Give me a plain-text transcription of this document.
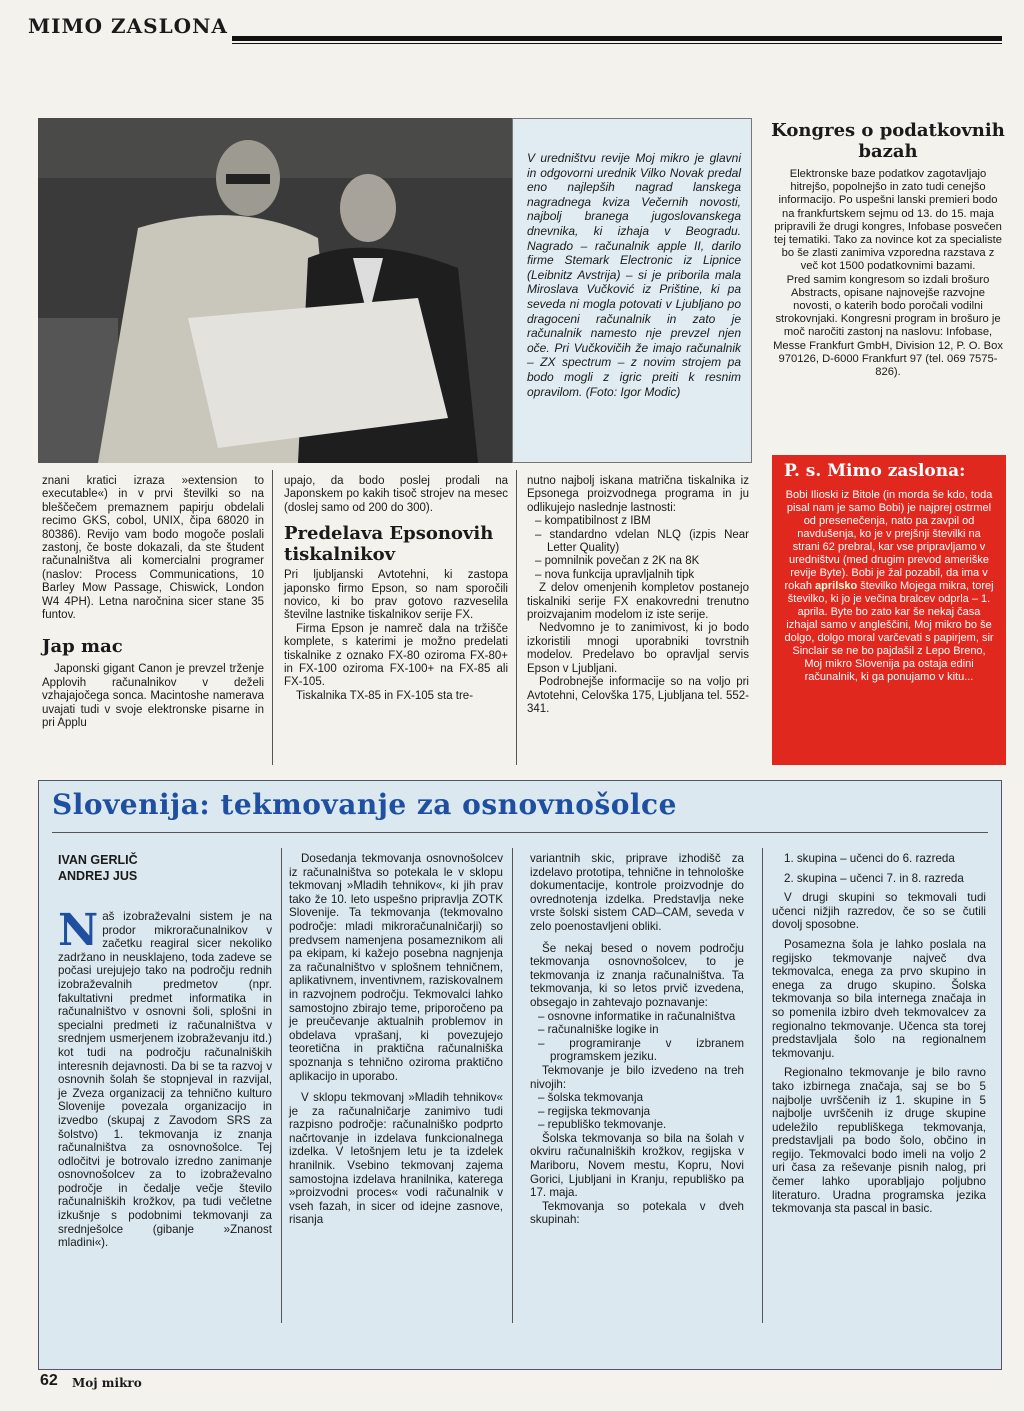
MIMO ZASLONA
V uredništvu revije Moj mikro je glavni in odgovorni urednik Vilko Novak predal eno najlepših nagrad lanskega nagradnega kviza Večernih novosti, najbolj branega jugoslovanskega dnevnika, ki izhaja v Beogradu. Nagrado – računalnik apple II, darilo firme Stemark Electronic iz Lipnice (Leibnitz Avstrija) – si je priborila mala Miroslava Vučković iz Prištine, ki pa seveda ni mogla potovati v Ljubljano po dragoceni računalnik in zato je računalnik namesto nje prevzel njen oče. Pri Vučkovičih že imajo računalnik – ZX spectrum – z novim strojem pa bodo mogli z igric preiti k resnim opravilom. (Foto: Igor Modic)
Kongres o podatkovnih bazah

Elektronske baze podatkov zagotavljajo hitrejšo, popolnejšo in zato tudi cenejšo informacijo. Po uspešni lanski premieri bodo na frankfurtskem sejmu od 13. do 15. maja pripravili že drugi kongres, Infobase posvečen tej tematiki. Tako za novince kot za specialiste bo še zlasti zanimiva vzporedna razstava z več kot 1500 podatkovnimi bazami.

Pred samim kongresom so izdali brošuro Abstracts, opisane najnovejše razvojne novosti, o katerih bodo poročali vodilni strokovnjaki. Kongresni program in brošuro je moč naročiti zastonj na naslovu: Infobase, Messe Frankfurt GmbH, Division 12, P. O. Box 970126, D-6000 Frankfurt 97 (tel. 069 7575-826).

znani kratici izraza »extension to executable«) in v prvi številki so na bleščečem premaznem papirju obdelali recimo GKS, cobol, UNIX, čipa 68020 in 80386). Revijo vam bodo mogoče poslali zastonj, če boste dokazali, da ste študent računalništva ali komercialni programer (naslov: Process Communications, 10 Barley Mow Passage, Chiswick, London W4 4PH). Letna naročnina sicer stane 35 funtov.

Jap mac

Japonski gigant Canon je prevzel trženje Applovih računalnikov v deželi vzhajajočega sonca. Macintoshe namerava uvajati tudi v svoje elektronske pisarne in pri Applu

upajo, da bodo poslej prodali na Japonskem po kakih tisoč strojev na mesec (doslej samo od 200 do 300).

Predelava Epsonovih tiskalnikov

Pri ljubljanski Avtotehni, ki zastopa japonsko firmo Epson, so nam sporočili novico, ki bo prav gotovo razveselila številne lastnike tiskalnikov serije FX.

Firma Epson je namreč dala na tržišče komplete, s katerimi je možno predelati tiskalnike z oznako FX-80 oziroma FX-80+ in FX-100 oziroma FX-100+ na FX-85 ali FX-105.

Tiskalnika TX-85 in FX-105 sta tre-

nutno najbolj iskana matrična tiskalnika iz Epsonega proizvodnega programa in ju odlikujejo naslednje lastnosti:

– kompatibilnost z IBM

– standardno vdelan NLQ (izpis Near Letter Quality)

– pomnilnik povečan z 2K na 8K

– nova funkcija upravljalnih tipk

Z delov omenjenih kompletov postanejo tiskalniki serije FX enakovredni trenutno proizvajanim modelom iz iste serije.

Nedvomno je to zanimivost, ki jo bodo izkoristili mnogi uporabniki tovrstnih modelov. Predelavo bo opravljal servis Epson v Ljubljani.

Podrobnejše informacije so na voljo pri Avtotehni, Celovška 175, Ljubljana tel. 552-341.

P. s. Mimo zaslona:
Bobi Ilioski iz Bitole (in morda še kdo, toda pisal nam je samo Bobi) je najprej ostrmel od presenečenja, nato pa zavpil od navdušenja, ko je v prejšnji številki na strani 62 prebral, kar vse pripravljamo v uredništvu (med drugim prevod ameriške revije Byte). Bobi je žal pozabil, da ima v rokah aprilsko številko Mojega mikra, torej številko, ki jo je večina bralcev odprla – 1. aprila. Byte bo zato kar še nekaj časa izhajal samo v angleščini, Moj mikro bo še dolgo, dolgo moral varčevati s papirjem, sir Sinclair se ne bo pajdašil z Lepo Breno, Moj mikro Slovenija pa ostaja edini računalnik, ki ga ponujamo v kitu...
Slovenija: tekmovanje za osnovnošolce
IVAN GERLIČ
ANDREJ JUS
N aš izobraževalni sistem je na prodor mikroračunalnikov v začetku reagiral sicer nekoliko zadržano in neusklajeno, toda zadeve se počasi urejujejo tako na področju rednih izobraževalnih predmetov (npr. fakultativni predmet informatika in računalništvo v osnovni šoli, splošni in specialni predmeti iz računalništva v srednjem usmerjenem izobraževanju itd.) kot tudi na področju računalniških interesnih dejavnosti. Da bi se ta razvoj v osnovnih šolah še stopnjeval in razvijal, je Zveza organizacij za tehnično kulturo Slovenije povezala organizacijo in izvedbo (skupaj z Zavodom SRS za šolstvo) 1. tekmovanja iz znanja računalništva za osnovnošolce. Tej odločitvi je botrovalo izredno zanimanje osnovnošolcev za to izobraževalno področje in čedalje večje število računalniških krožkov, pa tudi večletne izkušnje s podobnimi tekmovanji za srednješolce (gibanje »Znanost mladini«).

Dosedanja tekmovanja osnovnošolcev iz računalništva so potekala le v sklopu tekmovanj »Mladih tehnikov«, ki jih prav tako že 10. leto uspešno pripravlja ZOTK Slovenije. Ta tekmovanja (tekmovalno področje: mladi mikroračunalničarji) so predvsem namenjena posameznikom ali pa ekipam, ki kažejo posebna nagnjenja za računalništvo v splošnem tehničnem, aplikativnem, inventivnem, raziskovalnem in razvojnem področju. Tekmovalci lahko samostojno zbirajo teme, priporočeno pa je preučevanje aktualnih problemov in obdelava vprašanj, ki povezujejo teoretična in praktična računalniška spoznanja s tehnično oziroma praktično aplikacijo in uporabo.

V sklopu tekmovanj »Mladih tehnikov« je za računalničarje zanimivo tudi razpisno področje: računalniško podprto načrtovanje in izdelava funkcionalnega izdelka. V letošnjem letu je ta izdelek hranilnik. Vsebino tekmovanj zajema samostojna izdelava hranilnika, katerega »proizvodni proces« vodi računalnik v vseh fazah, in sicer od idejne zasnove, risanja

variantnih skic, priprave izhodišč za izdelavo prototipa, tehnične in tehnološke dokumentacije, kontrole proizvodnje do ovrednotenja izdelka. Predstavlja neke vrste šolski sistem CAD–CAM, seveda v zelo poenostavljeni obliki.

Še nekaj besed o novem področju tekmovanja osnovnošolcev, to je tekmovanja iz znanja računalništva. Ta tekmovanja, ki so letos prvič izvedena, obsegajo in zahtevajo poznavanje:

– osnovne informatike in računalništva

– računalniške logike in

– programiranje v izbranem programskem jeziku.

Tekmovanje je bilo izvedeno na treh nivojih:

– šolska tekmovanja

– regijska tekmovanja

– republiško tekmovanje.

Šolska tekmovanja so bila na šolah v okviru računalniških krožkov, regijska v Mariboru, Novem mestu, Kopru, Novi Gorici, Ljubljani in Kranju, republiško pa 17. maja.

Tekmovanja so potekala v dveh skupinah:

1. skupina – učenci do 6. razreda

2. skupina – učenci 7. in 8. razreda

V drugi skupini so tekmovali tudi učenci nižjih razredov, če so se čutili dovolj sposobne.

Posamezna šola je lahko poslala na regijsko tekmovanje največ dva tekmovalca, enega za prvo skupino in enega za drugo skupino. Šolska tekmovanja so bila internega značaja in so pomenila izbiro dveh tekmovalcev za regionalno tekmovanje. Učenca sta torej predstavljala šolo na regionalnem tekmovanju.

Regionalno tekmovanje je bilo ravno tako izbirnega značaja, saj se bo 5 najbolje uvrščenih iz 1. skupine in 5 najbolje uvrščenih iz druge skupine udeležilo republiškega tekmovanja, predstavljali pa bodo šolo, občino in regijo. Tekmovalci bodo imeli na voljo 2 uri časa za reševanje pisnih nalog, pri čemer lahko uporabljajo poljubno literaturo. Uradna programska jezika tekmovanja sta pascal in basic.

62 Moj mikro
